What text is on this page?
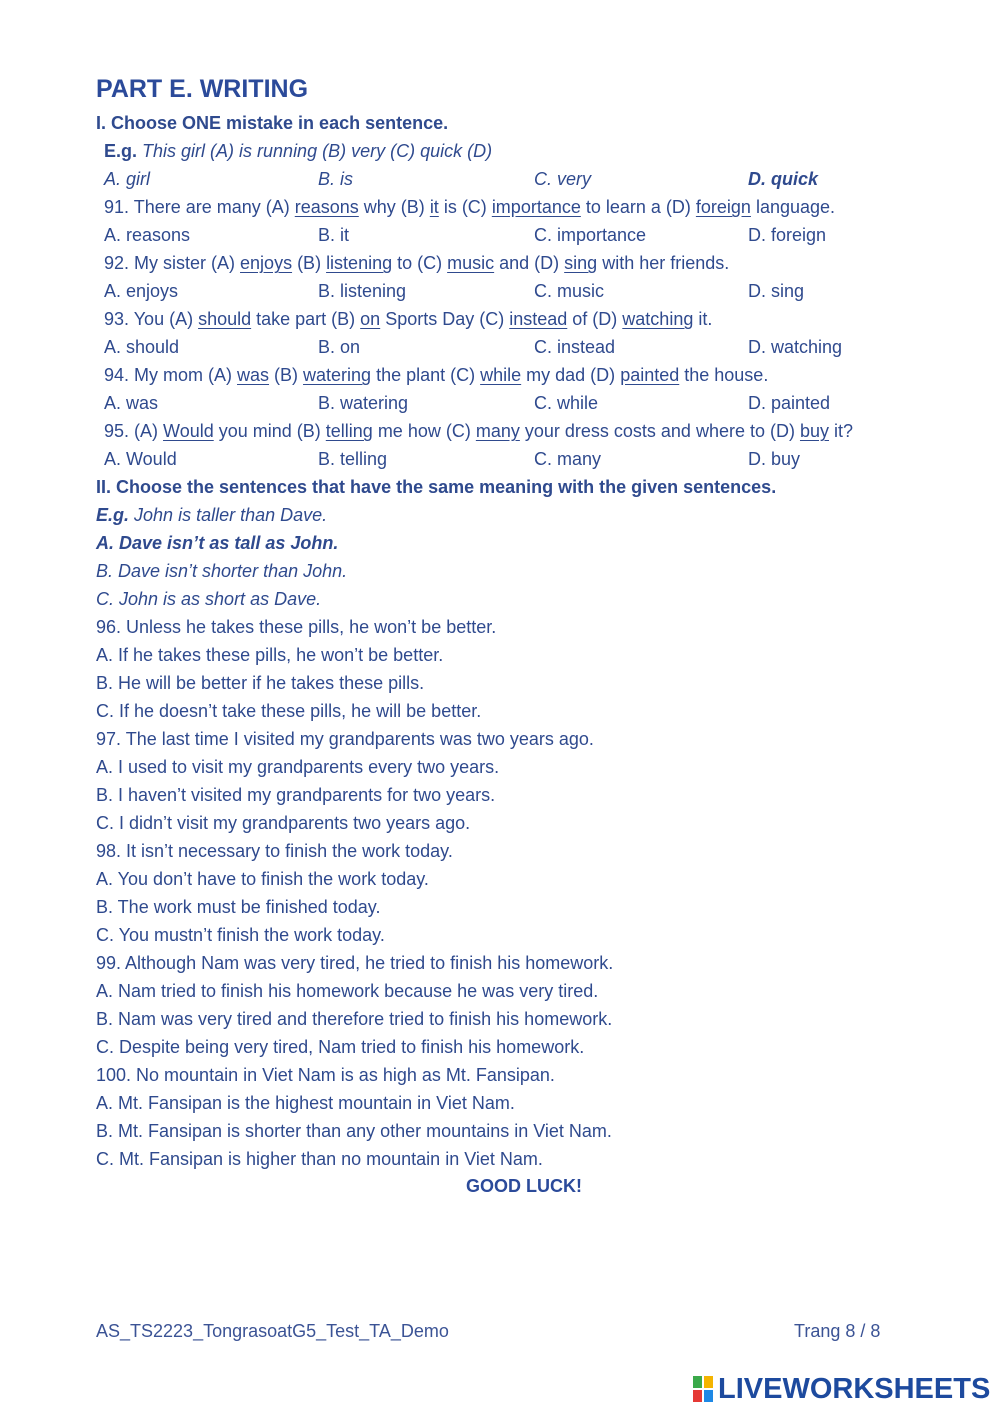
PART E. WRITING
I. Choose ONE mistake in each sentence.
E.g. This girl (A) is running (B) very (C) quick (D)
A. girl	B. is	C. very	D. quick
91. There are many (A) reasons why (B) it is (C) importance to learn a (D) foreign language.
A. reasons	B. it	C. importance	D. foreign
92. My sister (A) enjoys (B) listening to (C) music and (D) sing with her friends.
A. enjoys	B. listening	C. music	D. sing
93. You (A) should take part (B) on Sports Day (C) instead of (D) watching it.
A. should	B. on	C. instead	D. watching
94. My mom (A) was (B) watering the plant (C) while my dad (D) painted the house.
A. was	B. watering	C. while	D. painted
95. (A) Would you mind (B) telling me how (C) many your dress costs and where to (D) buy it?
A. Would	B. telling	C. many	D. buy
II. Choose the sentences that have the same meaning with the given sentences.
E.g. John is taller than Dave.
A. Dave isn’t as tall as John.
B. Dave isn’t shorter than John.
C. John is as short as Dave.
96. Unless he takes these pills, he won’t be better.
A. If he takes these pills, he won’t be better.
B. He will be better if he takes these pills.
C. If he doesn’t take these pills, he will be better.
97. The last time I visited my grandparents was two years ago.
A. I used to visit my grandparents every two years.
B. I haven’t visited my grandparents for two years.
C. I didn’t visit my grandparents two years ago.
98. It isn’t necessary to finish the work today.
A. You don’t have to finish the work today.
B. The work must be finished today.
C. You mustn’t finish the work today.
99. Although Nam was very tired, he tried to finish his homework.
A. Nam tried to finish his homework because he was very tired.
B. Nam was very tired and therefore tried to finish his homework.
C. Despite being very tired, Nam tried to finish his homework.
100. No mountain in Viet Nam is as high as Mt. Fansipan.
A. Mt. Fansipan is the highest mountain in Viet Nam.
B. Mt. Fansipan is shorter than any other mountains in Viet Nam.
C. Mt. Fansipan is higher than no mountain in Viet Nam.
GOOD LUCK!
AS_TS2223_TongrasoatG5_Test_TA_Demo	Trang 8 / 8
LIVEWORKSHEETS
